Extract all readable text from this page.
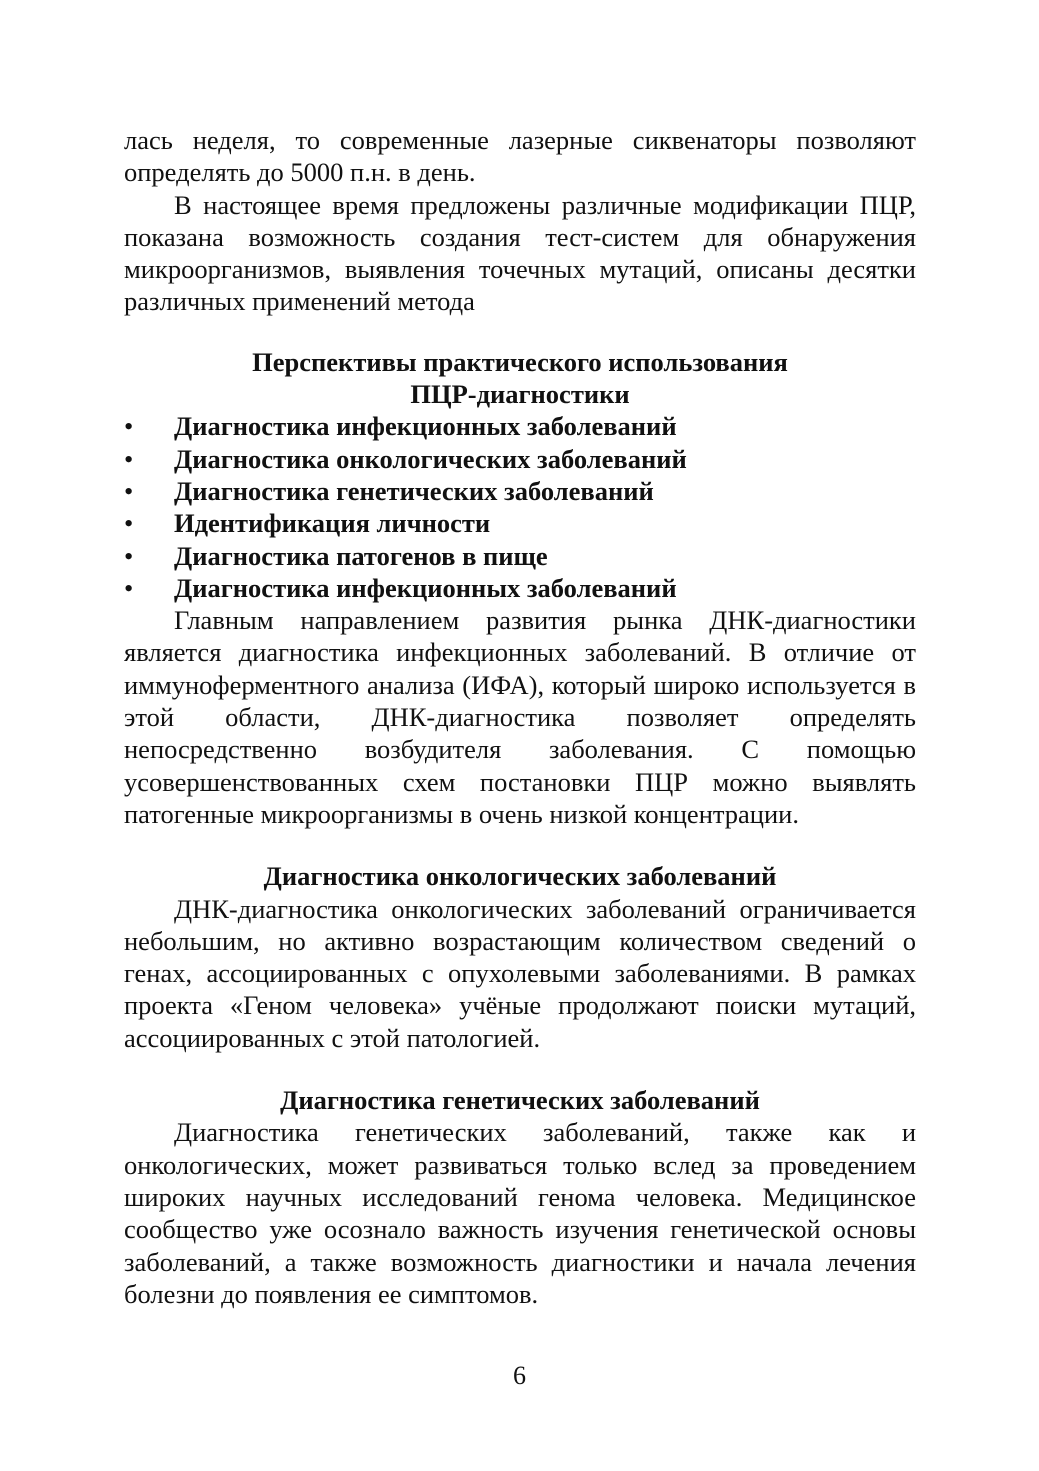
лась неделя, то современные лазерные сиквенаторы позволяют определять до 5000 п.н. в день.

В настоящее время предложены различные модификации ПЦР, показана возможность создания тест-систем для обнаружения микроорганизмов, выявления точечных мутаций, описаны десятки различных применений метода

Перспективы практического использования

ПЦР-диагностики

•	Диагностика инфекционных заболеваний
•	Диагностика онкологических заболеваний
•	Диагностика генетических заболеваний
•	Идентификация личности
•	Диагностика патогенов в пище
•	Диагностика инфекционных заболеваний

Главным направлением развития рынка ДНК-диагностики является диагностика инфекционных заболеваний. В отличие от иммуноферментного анализа (ИФА), который широко используется в этой области, ДНК-диагностика позволяет определять непосредственно возбудителя заболевания. С помощью усовершенствованных схем постановки ПЦР можно выявлять патогенные микроорганизмы в очень низкой концентрации.

Диагностика онкологических заболеваний

ДНК-диагностика онкологических заболеваний ограничивается небольшим, но активно возрастающим количеством сведений о генах, ассоциированных с опухолевыми заболеваниями. В рамках проекта «Геном человека» учёные продолжают поиски мутаций, ассоциированных с этой патологией.

Диагностика генетических заболеваний

Диагностика генетических заболеваний, также как и онкологических, может развиваться только вслед за проведением широких научных исследований генома человека. Медицинское сообщество уже осознало важность изучения генетической основы заболеваний, а также возможность диагностики и начала лечения болезни до появления ее симптомов.

6
